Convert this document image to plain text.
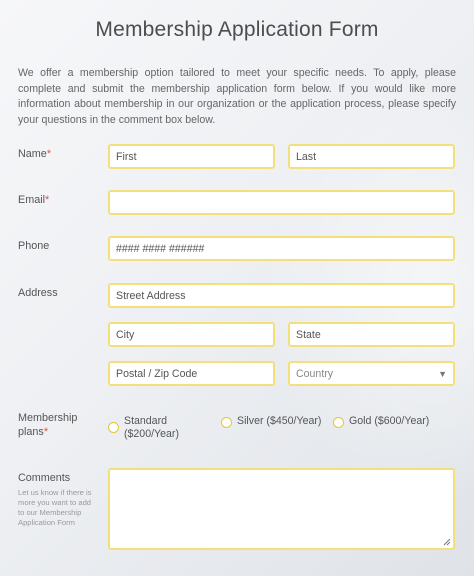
Membership Application Form
We offer a membership option tailored to meet your specific needs. To apply, please complete and submit the membership application form below. If you would like more information about membership in our organization or the application process, please specify your questions in the comment box below.
Name*	First	Last
Email*
Phone	#### #### ######
Address	Street Address
City	State
Postal / Zip Code	Country	▼
Membership
plans*
Standard
($200/Year)
Silver ($450/Year)	Gold ($600/Year)
Comments
Let us know if there is more you want to add to our Membership Application Form
